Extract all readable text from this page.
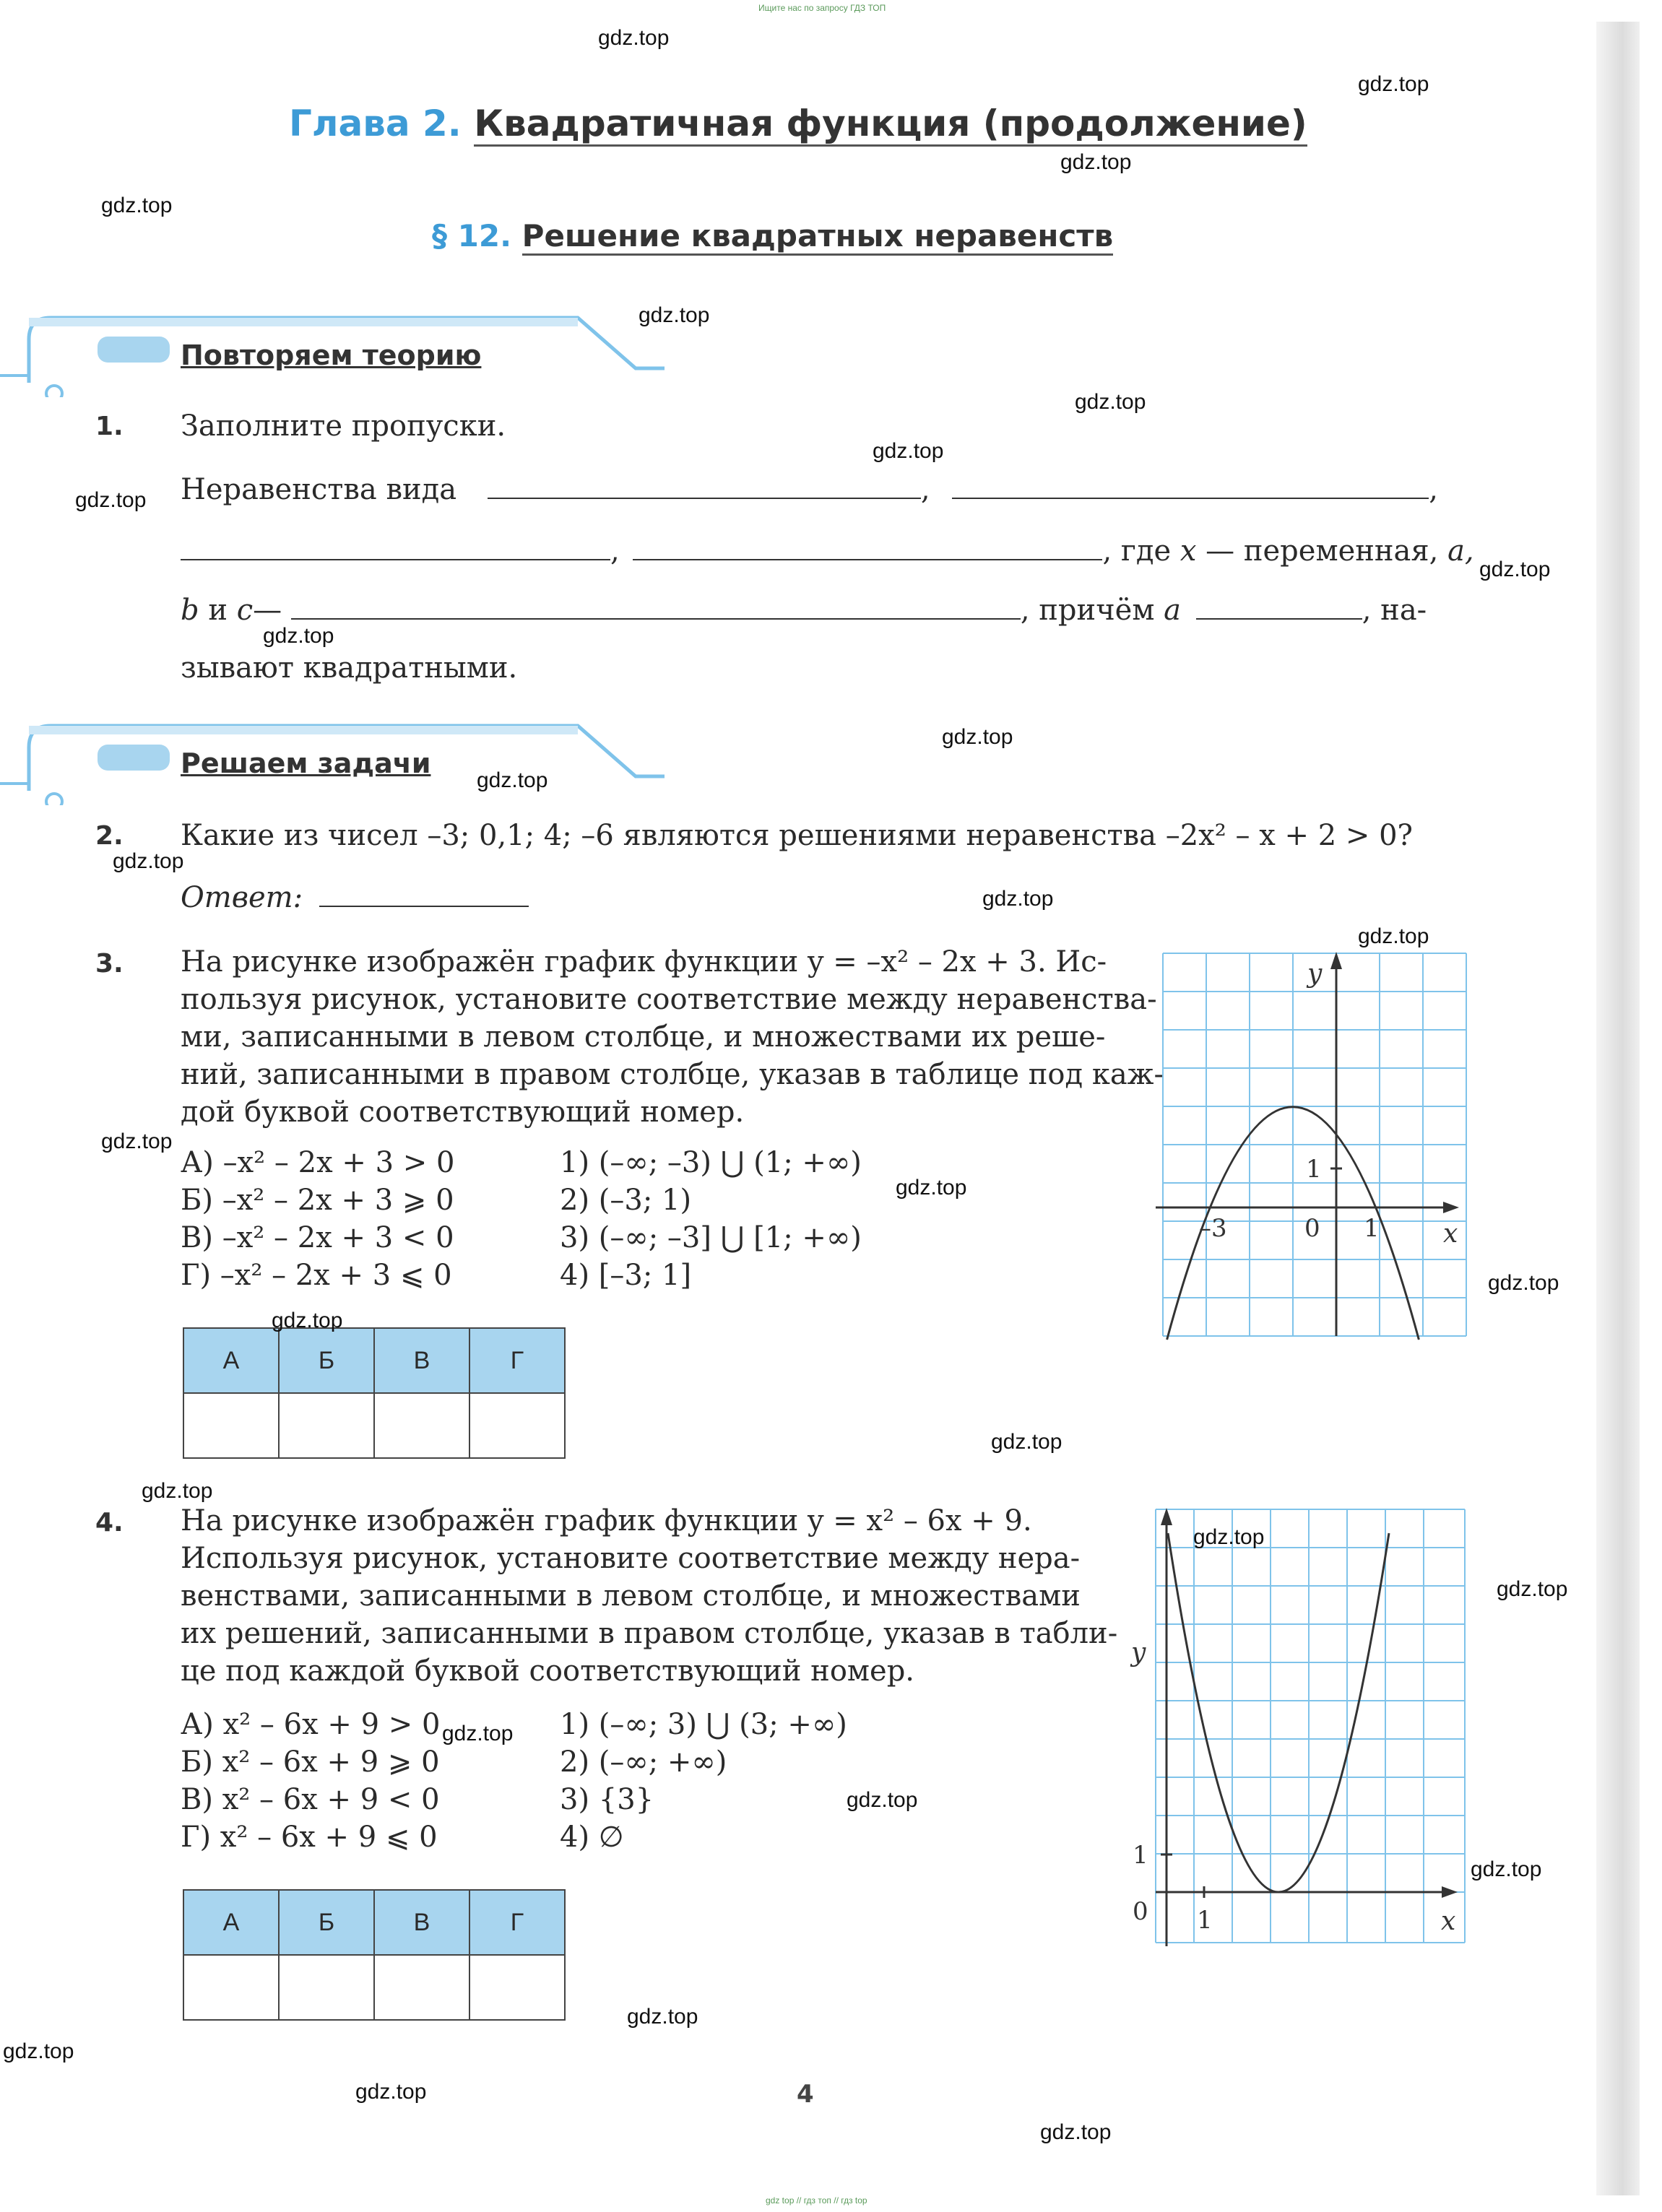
Ищите нас по запросу ГДЗ ТОП
Глава 2. Квадратичная функция (продолжение)
§ 12. Решение квадратных неравенств
Повторяем теорию
1. Заполните пропуски.
Неравенства вида	,	,
,	, где x — переменная, a,
b и c—	, причём a	, на-
зывают квадратными.
Решаем задачи
2. Какие из чисел –3; 0,1; 4; –6 являются решениями неравенства –2x² – x + 2 > 0?
Ответ:
3. На рисунке изображён график функции y = –x² – 2x + 3. Ис-
пользуя рисунок, установите соответствие между неравенства-
ми, записанными в левом столбце, и множествами их реше-
ний, записанными в правом столбце, указав в таблице под каж-
дой буквой соответствующий номер.
А) –x² – 2x + 3 > 0
Б) –x² – 2x + 3 ⩾ 0
В) –x² – 2x + 3 < 0
Г) –x² – 2x + 3 ⩽ 0
1) (–∞; –3) ⋃ (1; +∞)
2) (–3; 1)
3) (–∞; –3] ⋃ [1; +∞)
4) [–3; 1]
А	Б	В	Г

y
x
1
–3	0 1
4. На рисунке изображён график функции y = x² – 6x + 9.
Используя рисунок, установите соответствие между нера-
венствами, записанными в левом столбце, и множествами
их решений, записанными в правом столбце, указав в табли-
це под каждой буквой соответствующий номер.
А) x² – 6x + 9 > 0
Б) x² – 6x + 9 ⩾ 0
В) x² – 6x + 9 < 0
Г) x² – 6x + 9 ⩽ 0
1) (–∞; 3) ⋃ (3; +∞)
2) (–∞; +∞)
3) {3}
4) ∅
А	Б	В	Г

y
x
1
0 1
4
gdz.top
gdz.top
gdz.top
gdz.top
gdz.top
gdz.top
gdz.top
gdz.top
gdz.top
gdz.top
gdz.top
gdz.top
gdz.top
gdz.top
gdz.top
gdz.top
gdz.top
gdz.top
gdz.top
gdz.top
gdz.top
gdz.top
gdz.top
gdz.top
gdz.top
gdz.top
gdz.top
gdz.top
gdz.top
gdz.top
gdz top // гдз топ // гдз top
